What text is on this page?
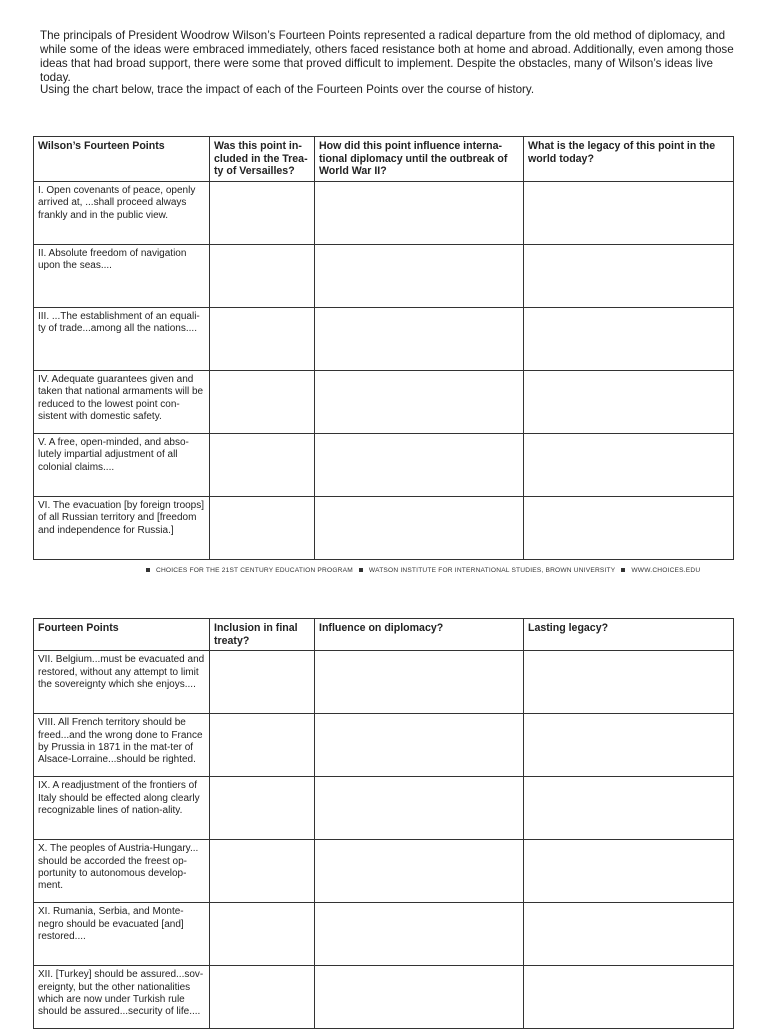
The principals of President Woodrow Wilson’s Fourteen Points represented a radical departure from the old method of diplomacy, and while some of the ideas were embraced immediately, others faced resistance both at home and abroad. Additionally, even among those ideas that had broad support, there were some that proved difficult to implement. Despite the obstacles, many of Wilson’s ideas live today.

Using the chart below, trace the impact of each of the Fourteen Points over the course of history.

Wilson’s Fourteen Points	Was this point in-cluded in the Trea-ty of Versailles?	How did this point influence interna-tional diplomacy until the outbreak of World War II?	What is the legacy of this point in the world today?
I. Open covenants of peace, openly arrived at, ...shall proceed always frankly and in the public view.			
II. Absolute freedom of navigation upon the seas....			
III. ...The establishment of an equali-ty of trade...among all the nations....			
IV. Adequate guarantees given and taken that national armaments will be reduced to the lowest point con-sistent with domestic safety.			
V. A free, open-minded, and abso-lutely impartial adjustment of all colonial claims....			
VI. The evacuation [by foreign troops] of all Russian territory and [freedom and independence for Russia.]			
CHOICES FOR THE 21ST CENTURY EDUCATION PROGRAM WATSON INSTITUTE FOR INTERNATIONAL STUDIES, BROWN UNIVERSITY WWW.CHOICES.EDU
Fourteen Points	Inclusion in final treaty?	Influence on diplomacy?	Lasting legacy?
VII. Belgium...must be evacuated and restored, without any attempt to limit the sovereignty which she enjoys....			
VIII. All French territory should be freed...and the wrong done to France by Prussia in 1871 in the mat-ter of Alsace-Lorraine...should be righted.			
IX. A readjustment of the frontiers of Italy should be effected along clearly recognizable lines of nation-ality.			
X. The peoples of Austria-Hungary... should be accorded the freest op-portunity to autonomous develop-ment.			
XI. Rumania, Serbia, and Monte-negro should be evacuated [and] restored....			
XII. [Turkey] should be assured...sov-ereignty, but the other nationalities which are now under Turkish rule should be assured...security of life....			
